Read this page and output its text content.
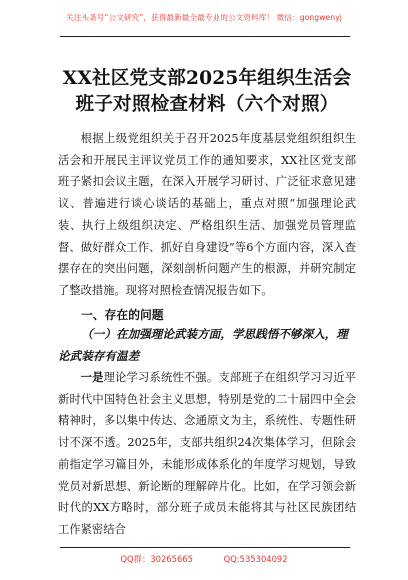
关注头条号“公文研究”，获得最新最全最专业的公文资料库！ 微信：gongwenyj
XX社区党支部2025年组织生活会班子对照检查材料（六个对照）
根据上级党组织关于召开2025年度基层党组织组织生活会和开展民主评议党员工作的通知要求，XX社区党支部班子紧扣会议主题，在深入开展学习研讨、广泛征求意见建议、普遍进行谈心谈话的基础上，重点对照“加强理论武装、执行上级组织决定、严格组织生活、加强党员管理监督、做好群众工作、抓好自身建设”等6个方面内容，深入查摆存在的突出问题，深刻剖析问题产生的根源，并研究制定了整改措施。现将对照检查情况报告如下。
一、存在的问题
（一）在加强理论武装方面，学思践悟不够深入，理论武装存有温差
一是理论学习系统性不强。支部班子在组织学习习近平新时代中国特色社会主义思想，特别是党的二十届四中全会精神时，多以集中传达、念通原文为主，系统性、专题性研讨不深不透。2025年，支部共组织24次集体学习，但除会前指定学习篇目外，未能形成体系化的年度学习规划，导致党员对新思想、新论断的理解碎片化。比如，在学习领会新时代的XX方略时，部分班子成员未能将其与社区民族团结工作紧密结合
QQ群：30265665	QQ:535304092
